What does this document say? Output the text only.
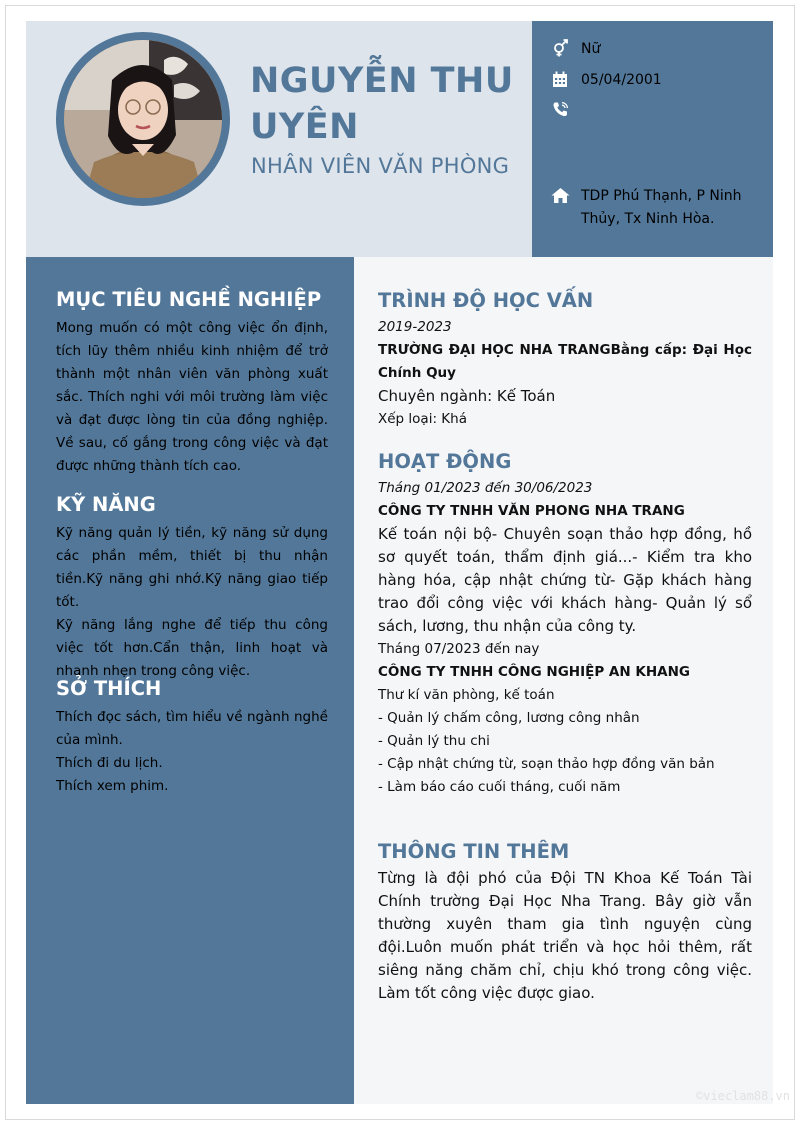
NGUYỄN THU UYÊN
NHÂN VIÊN VĂN PHÒNG
Nữ
05/04/2001
TDP Phú Thạnh, P Ninh Thủy, Tx Ninh Hòa.
MỤC TIÊU NGHỀ NGHIỆP

Mong muốn có một công việc ổn định, tích lũy thêm nhiều kinh nhiệm để trở thành một nhân viên văn phòng xuất sắc. Thích nghi với môi trường làm việc và đạt được lòng tin của đồng nghiệp. Về sau, cố gắng trong công việc và đạt được những thành tích cao.

KỸ NĂNG

Kỹ năng quản lý tiền, kỹ năng sử dụng các phần mềm, thiết bị thu nhận tiền.Kỹ năng ghi nhớ.Kỹ năng giao tiếp tốt.

Kỹ năng lắng nghe để tiếp thu công việc tốt hơn.Cẩn thận, linh hoạt và nhanh nhẹn trong công việc.

SỞ THÍCH

Thích đọc sách, tìm hiểu về ngành nghề của mình.

Thích đi du lịch.

Thích xem phim.

TRÌNH ĐỘ HỌC VẤN
2019-2023
TRƯỜNG ĐẠI HỌC NHA TRANGBằng cấp: Đại Học Chính Quy
Chuyên ngành: Kế Toán
Xếp loại: Khá
HOẠT ĐỘNG
Tháng 01/2023 đến 30/06/2023
CÔNG TY TNHH VĂN PHONG NHA TRANG
Kế toán nội bộ- Chuyên soạn thảo hợp đồng, hồ sơ quyết toán, thẩm định giá...- Kiểm tra kho hàng hóa, cập nhật chứng từ- Gặp khách hàng trao đổi công việc với khách hàng- Quản lý sổ sách, lương, thu nhận của công ty.
Tháng 07/2023 đến nay
CÔNG TY TNHH CÔNG NGHIỆP AN KHANG
Thư kí văn phòng, kế toán
- Quản lý chấm công, lương công nhân
- Quản lý thu chi
- Cập nhật chứng từ, soạn thảo hợp đồng văn bản
- Làm báo cáo cuối tháng, cuối năm
THÔNG TIN THÊM
Từng là đội phó của Đội TN Khoa Kế Toán Tài Chính trường Đại Học Nha Trang. Bây giờ vẫn thường xuyên tham gia tình nguyện cùng đội.Luôn muốn phát triển và học hỏi thêm, rất siêng năng chăm chỉ, chịu khó trong công việc. Làm tốt công việc được giao.
©vieclam88.vn
